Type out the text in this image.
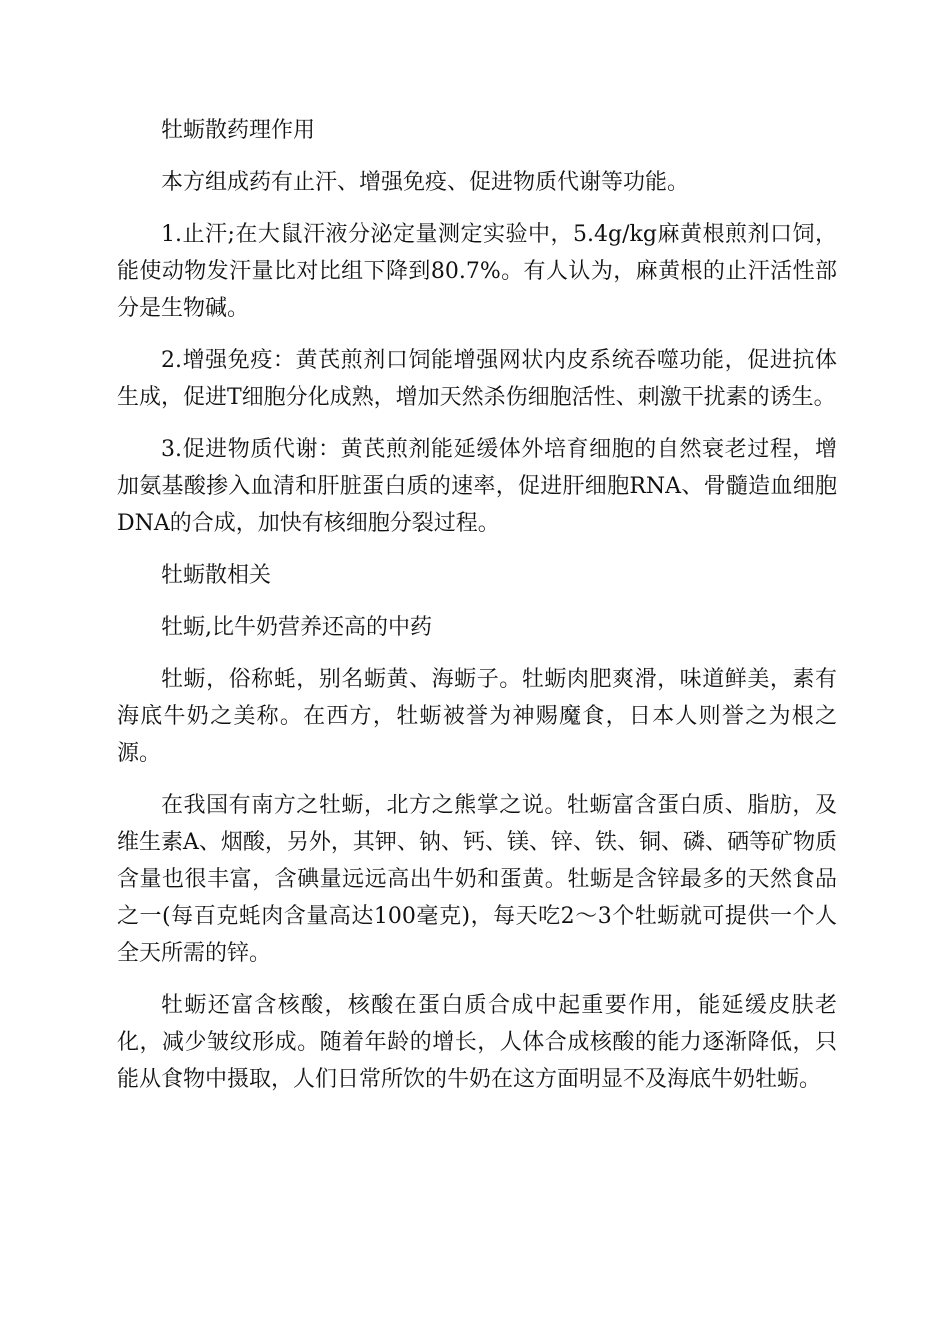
牡蛎散药理作用

本方组成药有止汗、增强免疫、促进物质代谢等功能。

1.止汗;在大鼠汗液分泌定量测定实验中，5.4g/kg麻黄根煎剂口饲，能使动物发汗量比对比组下降到80.7%。有人认为，麻黄根的止汗活性部分是生物碱。

2.增强免疫：黄芪煎剂口饲能增强网状内皮系统吞噬功能，促进抗体生成，促进T细胞分化成熟，增加天然杀伤细胞活性、刺激干扰素的诱生。

3.促进物质代谢：黄芪煎剂能延缓体外培育细胞的自然衰老过程，增加氨基酸掺入血清和肝脏蛋白质的速率，促进肝细胞RNA、骨髓造血细胞DNA的合成，加快有核细胞分裂过程。

牡蛎散相关

牡蛎,比牛奶营养还高的中药

牡蛎，俗称蚝，别名蛎黄、海蛎子。牡蛎肉肥爽滑，味道鲜美，素有海底牛奶之美称。在西方，牡蛎被誉为神赐魔食，日本人则誉之为根之源。

在我国有南方之牡蛎，北方之熊掌之说。牡蛎富含蛋白质、脂肪，及维生素A、烟酸，另外，其钾、钠、钙、镁、锌、铁、铜、磷、硒等矿物质含量也很丰富，含碘量远远高出牛奶和蛋黄。牡蛎是含锌最多的天然食品之一(每百克蚝肉含量高达100毫克)，每天吃2～3个牡蛎就可提供一个人全天所需的锌。

牡蛎还富含核酸，核酸在蛋白质合成中起重要作用，能延缓皮肤老化，减少皱纹形成。随着年龄的增长，人体合成核酸的能力逐渐降低，只能从食物中摄取，人们日常所饮的牛奶在这方面明显不及海底牛奶牡蛎。
